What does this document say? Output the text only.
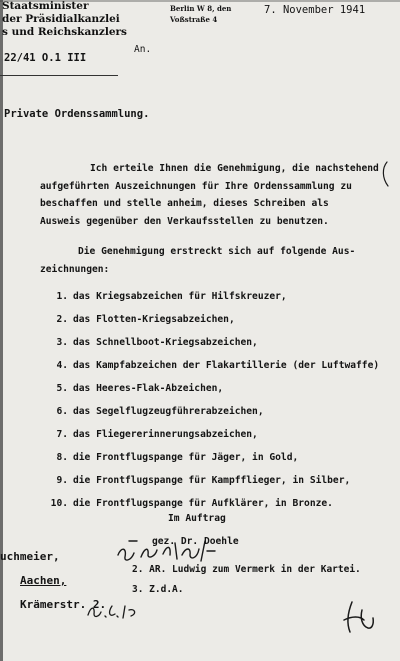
Staatsminister
der Präsidialkanzlei
s und Reichskanzlers
22/41 O.1 III
Berlin W 8, den
Voßstraße 4
7. November 1941
An.
Private Ordenssammlung.
Ich erteile Ihnen die Genehmigung, die nachstehend
aufgeführten Auszeichnungen für Ihre Ordenssammlung zu
beschaffen und stelle anheim, dieses Schreiben als
Ausweis gegenüber den Verkaufsstellen zu benutzen.
Die Genehmigung erstreckt sich auf folgende Aus-
zeichnungen:
1. das Kriegsabzeichen für Hilfskreuzer,
2. das Flotten-Kriegsabzeichen,
3. das Schnellboot-Kriegsabzeichen,
4. das Kampfabzeichen der Flakartillerie (der Luftwaffe)
5. das Heeres-Flak-Abzeichen,
6. das Segelflugzeugführerabzeichen,
7. das Fliegererinnerungsabzeichen,
8. die Frontflugspange für Jäger, in Gold,
9. die Frontflugspange für Kampfflieger, in Silber,
10. die Frontflugspange für Aufklärer, in Bronze.
Im Auftrag
gez. Dr. Doehle
uchmeier,
Aachen,
Krämerstr. 2.
2. AR. Ludwig zum Vermerk in der Kartei.
3. Z.d.A.
